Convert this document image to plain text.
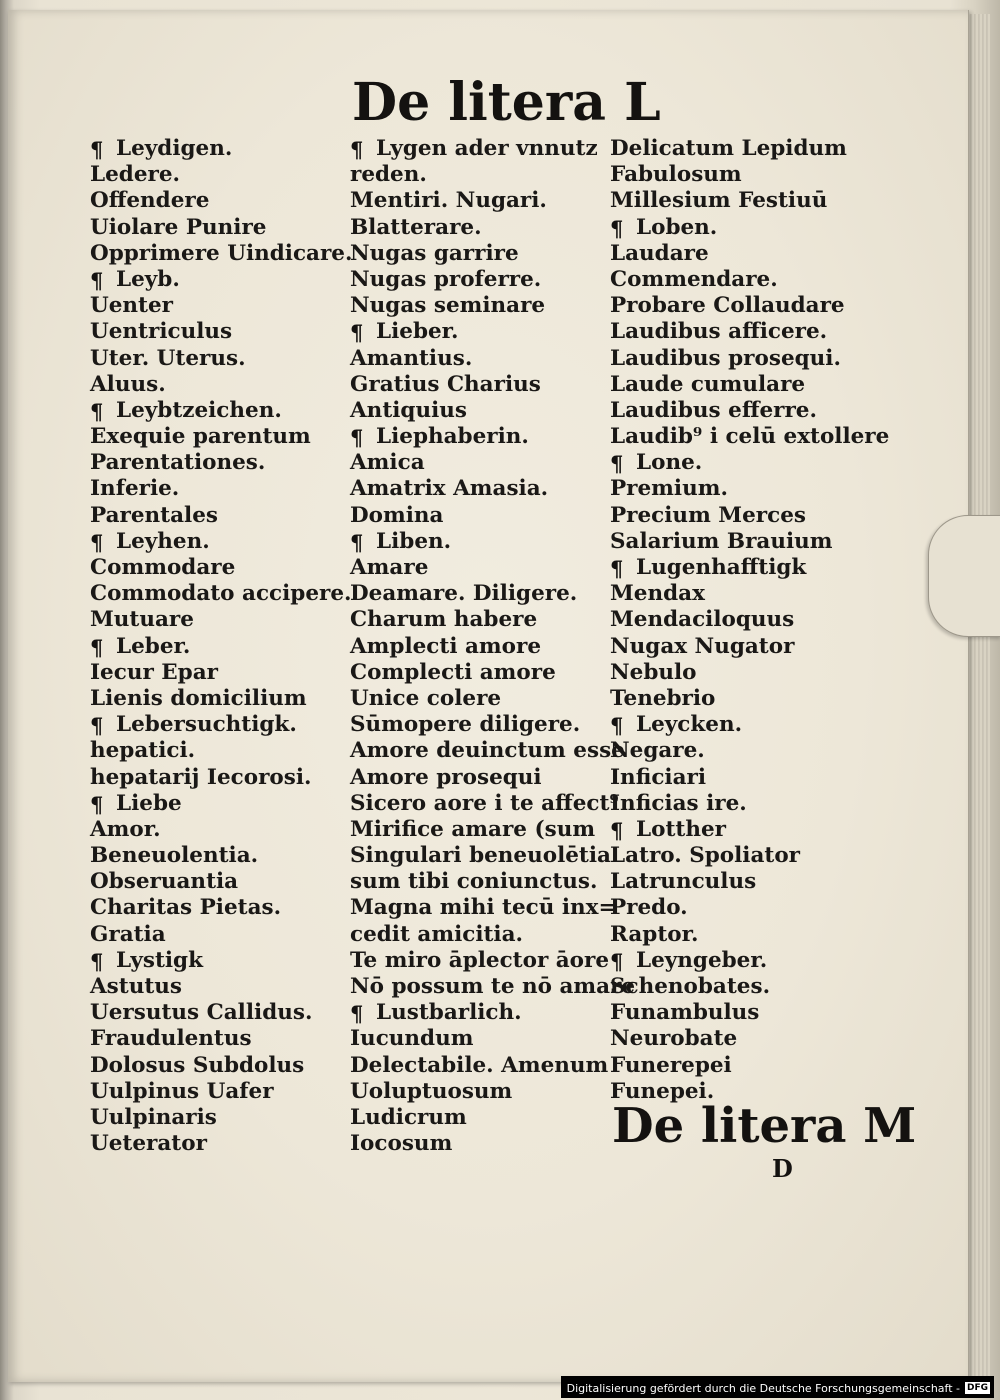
De litera L
¶ Leydigen.
Ledere.
Offendere
Uiolare Punire
Opprimere Uindicare.
¶ Leyb.
Uenter
Uentriculus
Uter. Uterus.
Aluus.
¶ Leybtzeichen.
Exequie parentum
Parentationes.
Inferie.
Parentales
¶ Leyhen.
Commodare
Commodato accipere.
Mutuare
¶ Leber.
Iecur Epar
Lienis domicilium
¶ Lebersuchtigk.
hepatici.
hepatarij Iecorosi.
¶ Liebe
Amor.
Beneuolentia.
Obseruantia
Charitas Pietas.
Gratia
¶ Lystigk
Astutus
Uersutus Callidus.
Fraudulentus
Dolosus Subdolus
Uulpinus Uafer
Uulpinaris
Ueterator
¶ Lygen ader vnnutz
reden.
Mentiri. Nugari.
Blatterare.
Nugas garrire
Nugas proferre.
Nugas seminare
¶ Lieber.
Amantius.
Gratius Charius
Antiquius
¶ Liephaberin.
Amica
Amatrix Amasia.
Domina
¶ Liben.
Amare
Deamare. Diligere.
Charum habere
Amplecti amore
Complecti amore
Unice colere
Sūmopere diligere.
Amore deuinctum esse
Amore prosequi
Sicero aore i te affect⁹
Mirifice amare (sum
Singulari beneuolētia
sum tibi coniunctus.
Magna mihi tecū inx=
cedit amicitia.
Te miro āplector āore
Nō possum te nō amare
¶ Lustbarlich.
Iucundum
Delectabile. Amenum
Uoluptuosum
Ludicrum
Iocosum
Delicatum Lepidum
Fabulosum
Millesium Festiuū
¶ Loben.
Laudare
Commendare.
Probare Collaudare
Laudibus afficere.
Laudibus prosequi.
Laude cumulare
Laudibus efferre.
Laudib⁹ i celū extollere
¶ Lone.
Premium.
Precium Merces
Salarium Brauium
¶ Lugenhafftigk
Mendax
Mendaciloquus
Nugax Nugator
Nebulo
Tenebrio
¶ Leycken.
Negare.
Inficiari
Inficias ire.
¶ Lotther
Latro. Spoliator
Latrunculus
Predo.
Raptor.
¶ Leyngeber.
Schenobates.
Funambulus
Neurobate
Funerepei
Funepei.
De litera M
D
Digitalisierung gefördert durch die Deutsche Forschungsgemeinschaft - DFG
